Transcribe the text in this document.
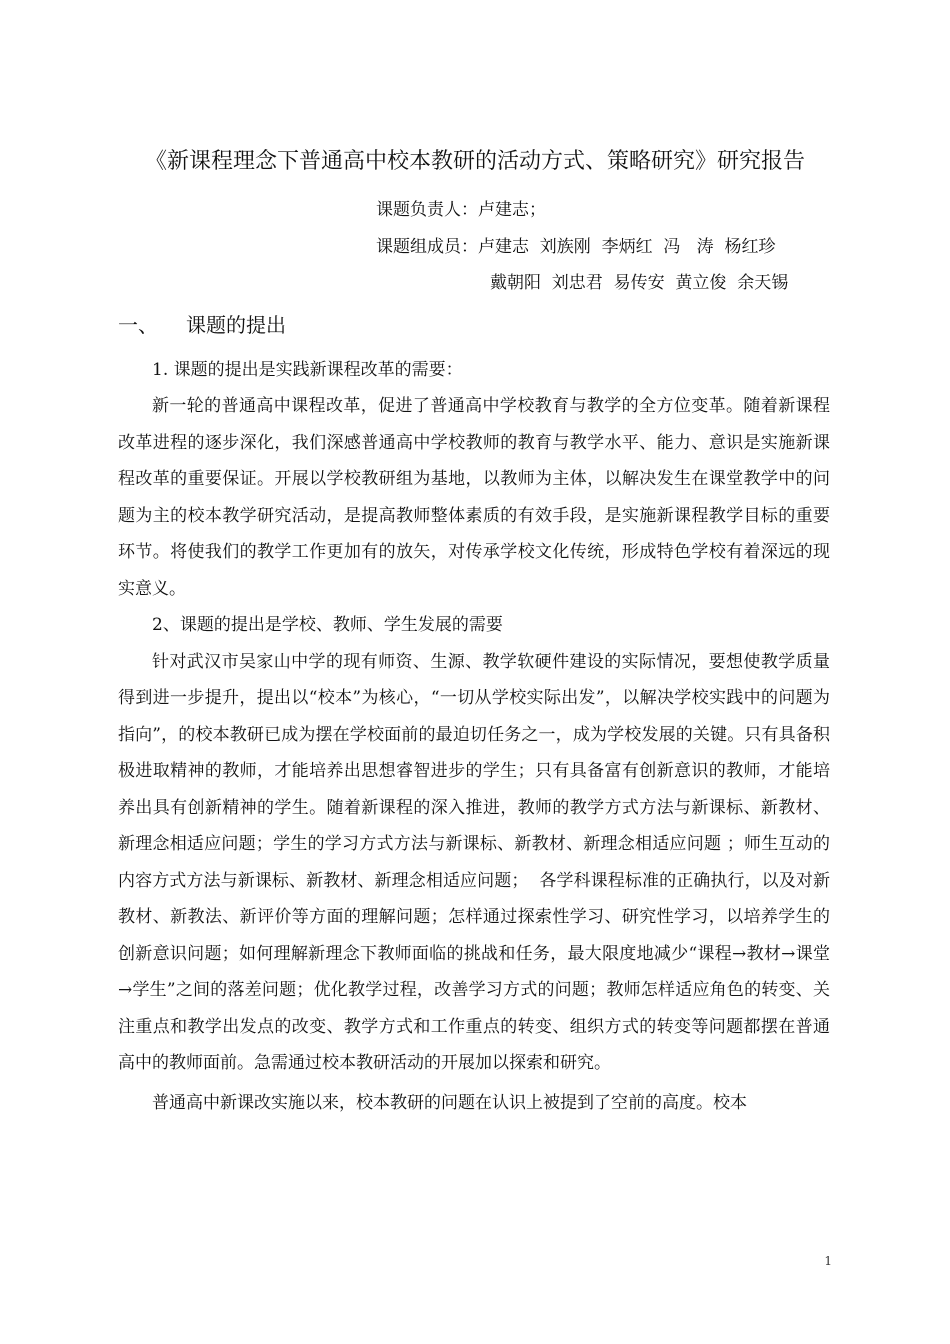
《新课程理念下普通高中校本教研的活动方式、策略研究》研究报告
课题负责人：卢建志；
课题组成员：卢建志  刘族刚  李炳红  冯   涛  杨红珍
戴朝阳  刘忠君  易传安  黄立俊  余天锡
一、 课题的提出

1. 课题的提出是实践新课程改革的需要：

新一轮的普通高中课程改革，促进了普通高中学校教育与教学的全方位变革。随着新课程改革进程的逐步深化，我们深感普通高中学校教师的教育与教学水平、能力、意识是实施新课程改革的重要保证。开展以学校教研组为基地，以教师为主体，以解决发生在课堂教学中的问题为主的校本教学研究活动，是提高教师整体素质的有效手段，是实施新课程教学目标的重要环节。将使我们的教学工作更加有的放矢，对传承学校文化传统，形成特色学校有着深远的现实意义。

2、课题的提出是学校、教师、学生发展的需要

针对武汉市吴家山中学的现有师资、生源、教学软硬件建设的实际情况，要想使教学质量得到进一步提升，提出以“校本”为核心，“一切从学校实际出发”，以解决学校实践中的问题为指向”，的校本教研已成为摆在学校面前的最迫切任务之一，成为学校发展的关键。只有具备积极进取精神的教师，才能培养出思想睿智进步的学生；只有具备富有创新意识的教师，才能培养出具有创新精神的学生。随着新课程的深入推进，教师的教学方式方法与新课标、新教材、新理念相适应问题；学生的学习方式方法与新课标、新教材、新理念相适应问题 ；师生互动的内容方式方法与新课标、新教材、新理念相适应问题；  各学科课程标准的正确执行，以及对新教材、新教法、新评价等方面的理解问题；怎样通过探索性学习、研究性学习，以培养学生的创新意识问题；如何理解新理念下教师面临的挑战和任务，最大限度地减少“课程→教材→课堂→学生”之间的落差问题；优化教学过程，改善学习方式的问题；教师怎样适应角色的转变、关注重点和教学出发点的改变、教学方式和工作重点的转变、组织方式的转变等问题都摆在普通高中的教师面前。急需通过校本教研活动的开展加以探索和研究。

普通高中新课改实施以来，校本教研的问题在认识上被提到了空前的高度。校本

1
